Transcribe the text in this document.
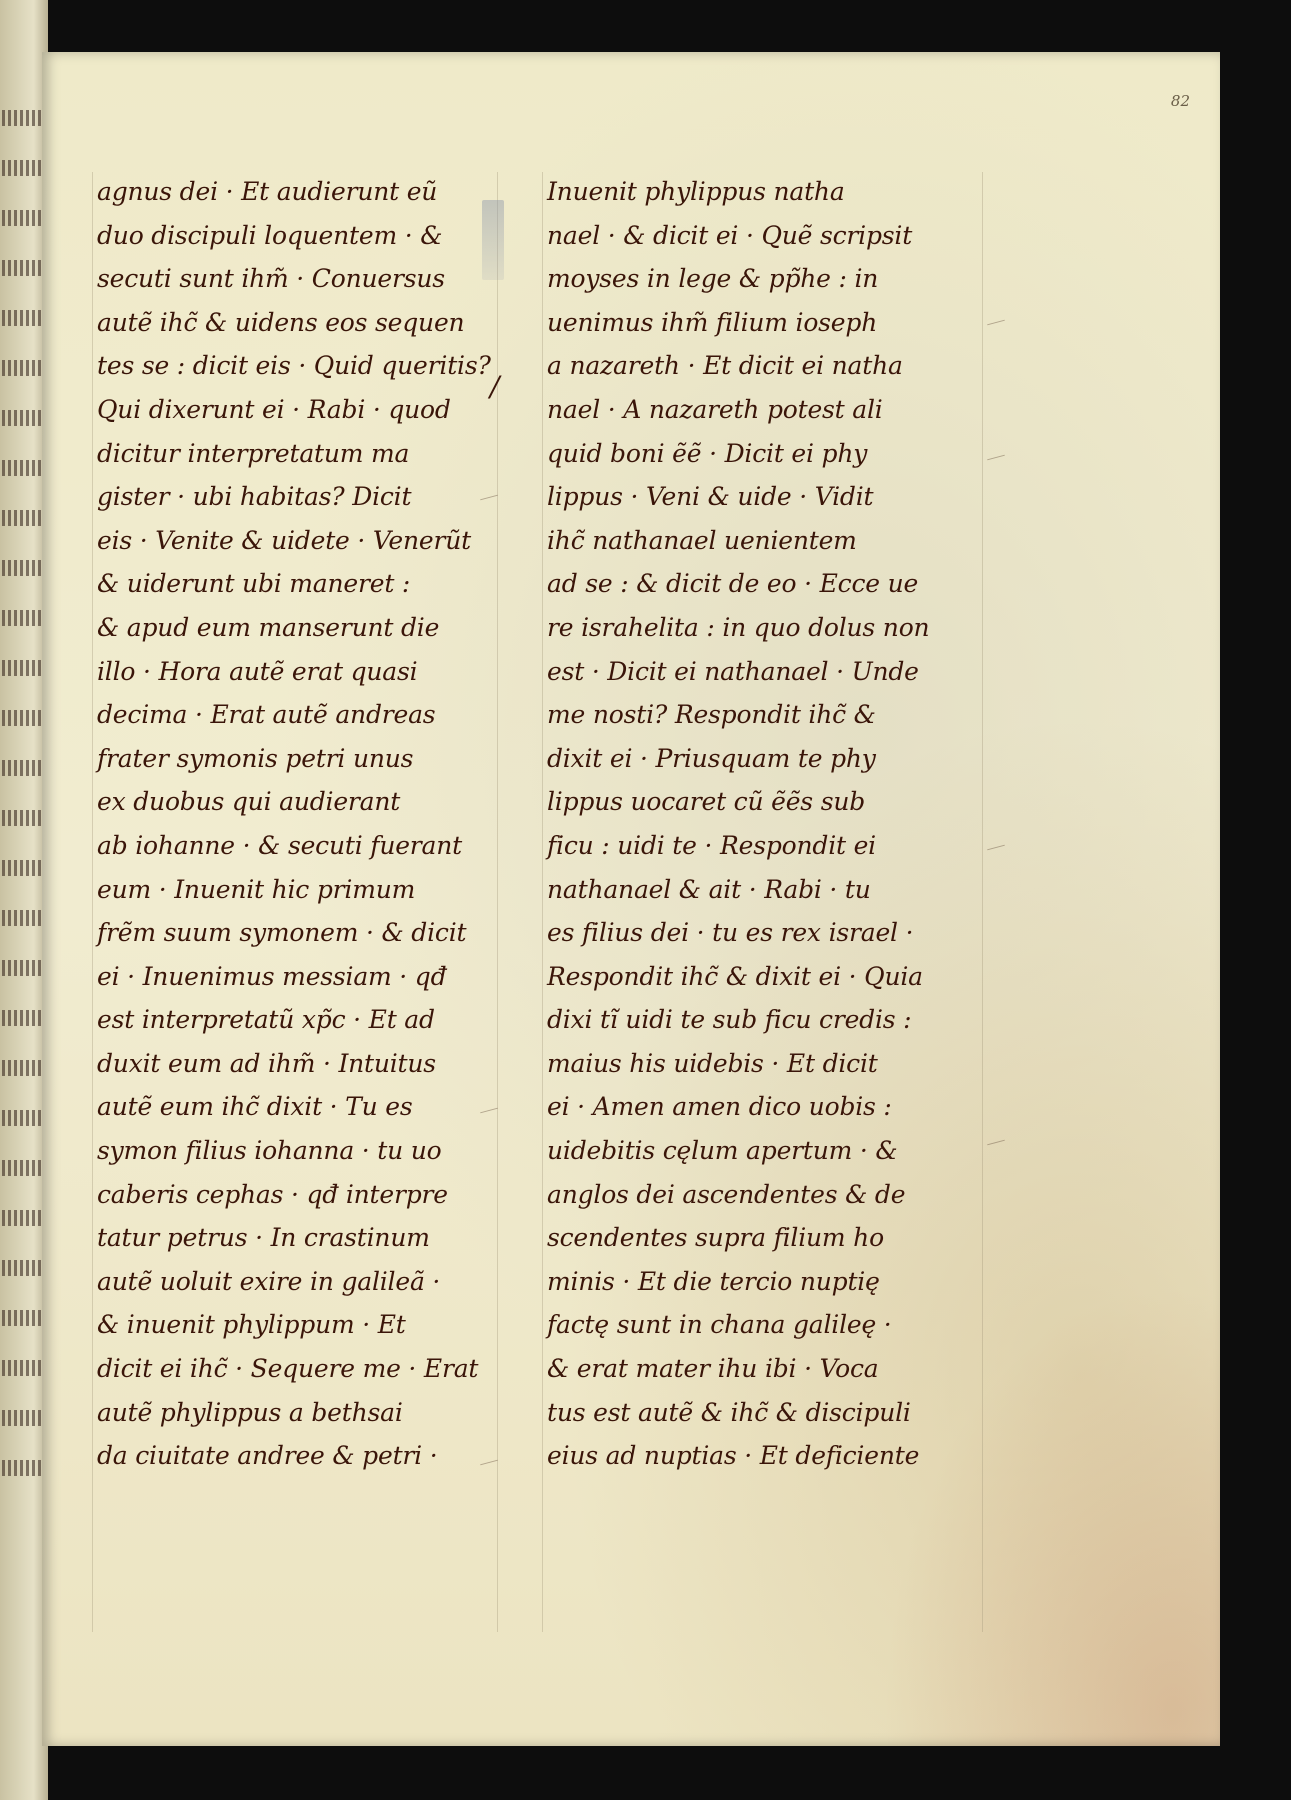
82
/
agnus dei · Et audierunt eũ
duo discipuli loquentem · &
secuti sunt ihm̃ · Conuersus
autẽ ihc̃ & uidens eos sequen
tes se : dicit eis · Quid queritis?
Qui dixerunt ei · Rabi · quod
dicitur interpretatum ma
gister · ubi habitas? Dicit
eis · Venite & uidete · Venerũt
& uiderunt ubi maneret :
& apud eum manserunt die
illo · Hora autẽ erat quasi
decima · Erat autẽ andreas
frater symonis petri unus
ex duobus qui audierant
ab iohanne · & secuti fuerant
eum · Inuenit hic primum
frẽm suum symonem · & dicit
ei · Inuenimus messiam · qđ
est interpretatũ xp̃c · Et ad
duxit eum ad ihm̃ · Intuitus
autẽ eum ihc̃ dixit · Tu es
symon filius iohanna · tu uo
caberis cephas · qđ interpre
tatur petrus · In crastinum
autẽ uoluit exire in galileã ·
& inuenit phylippum · Et
dicit ei ihc̃ · Sequere me · Erat
autẽ phylippus a bethsai
da ciuitate andree & petri ·
Inuenit phylippus natha
nael · & dicit ei · Quẽ scripsit
moyses in lege & pp̃he : in
uenimus ihm̃ filium ioseph
a nazareth · Et dicit ei natha
nael · A nazareth potest ali
quid boni ẽẽ · Dicit ei phy
lippus · Veni & uide · Vidit
ihc̃ nathanael uenientem
ad se : & dicit de eo · Ecce ue
re israhelita : in quo dolus non
est · Dicit ei nathanael · Unde
me nosti? Respondit ihc̃ &
dixit ei · Priusquam te phy
lippus uocaret cũ ẽẽs sub
ficu : uidi te · Respondit ei
nathanael & ait · Rabi · tu
es filius dei · tu es rex israel ·
Respondit ihc̃ & dixit ei · Quia
dixi tĩ uidi te sub ficu credis :
maius his uidebis · Et dicit
ei · Amen amen dico uobis :
uidebitis cęlum apertum · &
anglos dei ascendentes & de
scendentes supra filium ho
minis · Et die tercio nuptię
factę sunt in chana galileę ·
& erat mater ihu ibi · Voca
tus est autẽ & ihc̃ & discipuli
eius ad nuptias · Et deficiente
